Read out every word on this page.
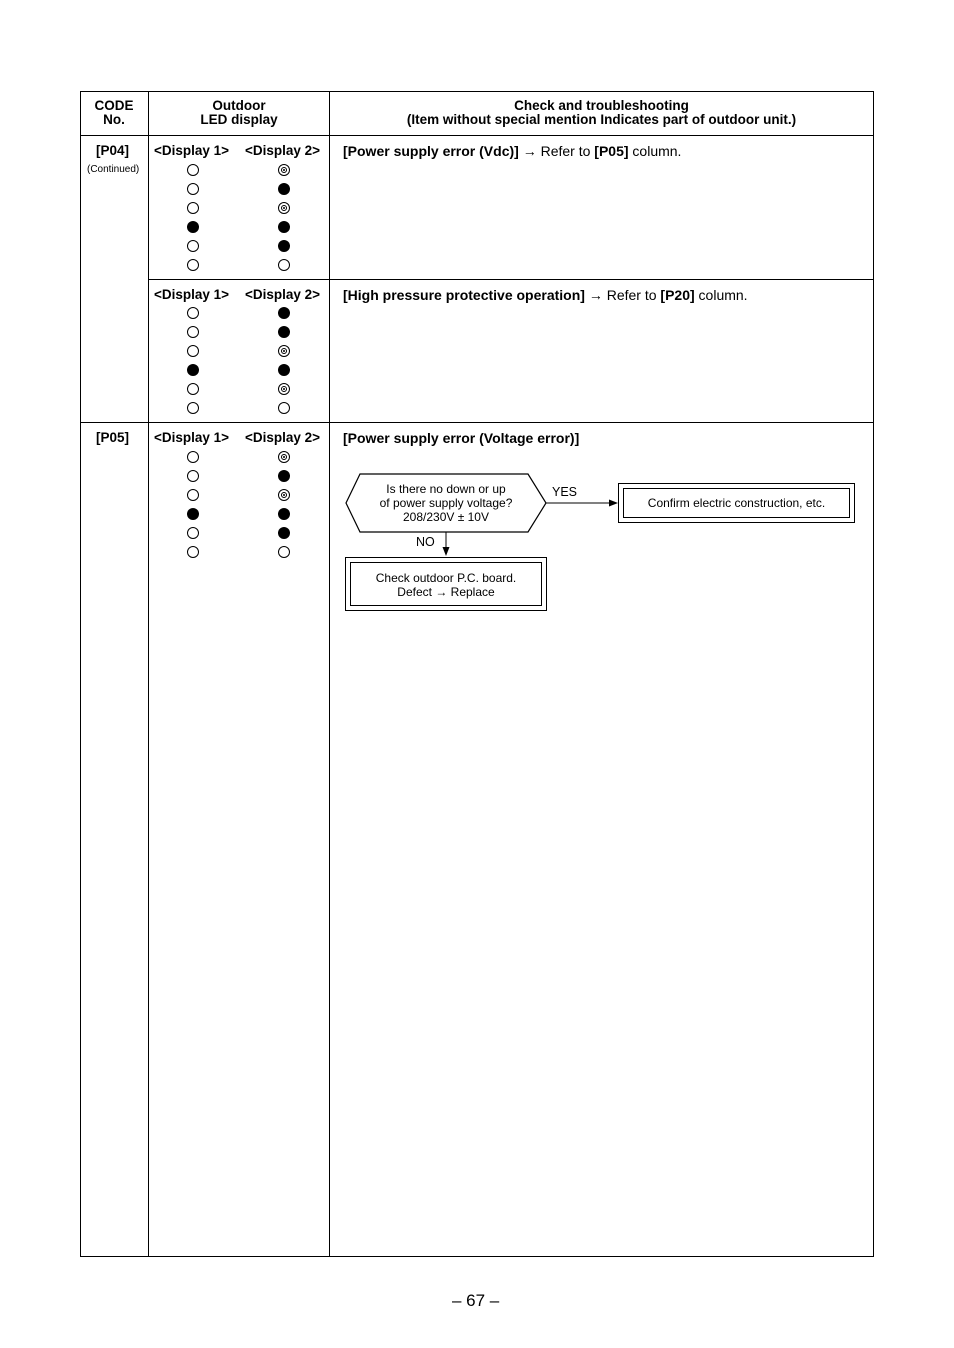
CODE
No.
Outdoor
LED display
Check and troubleshooting
(Item without special mention Indicates part of outdoor unit.)
[P04]
(Continued)
<Display 1> <Display 2> [Power supply error (Vdc)] → Refer to [P05] column.
<Display 1> <Display 2> [High pressure protective operation] → Refer to [P20] column.
[P05] <Display 1> <Display 2> [Power supply error (Voltage error)]
Is there no down or up
of power supply voltage?
208/230V ± 10V
YES
NO
Confirm electric construction, etc.
Check outdoor P.C. board.
Defect → Replace
– 67 –
